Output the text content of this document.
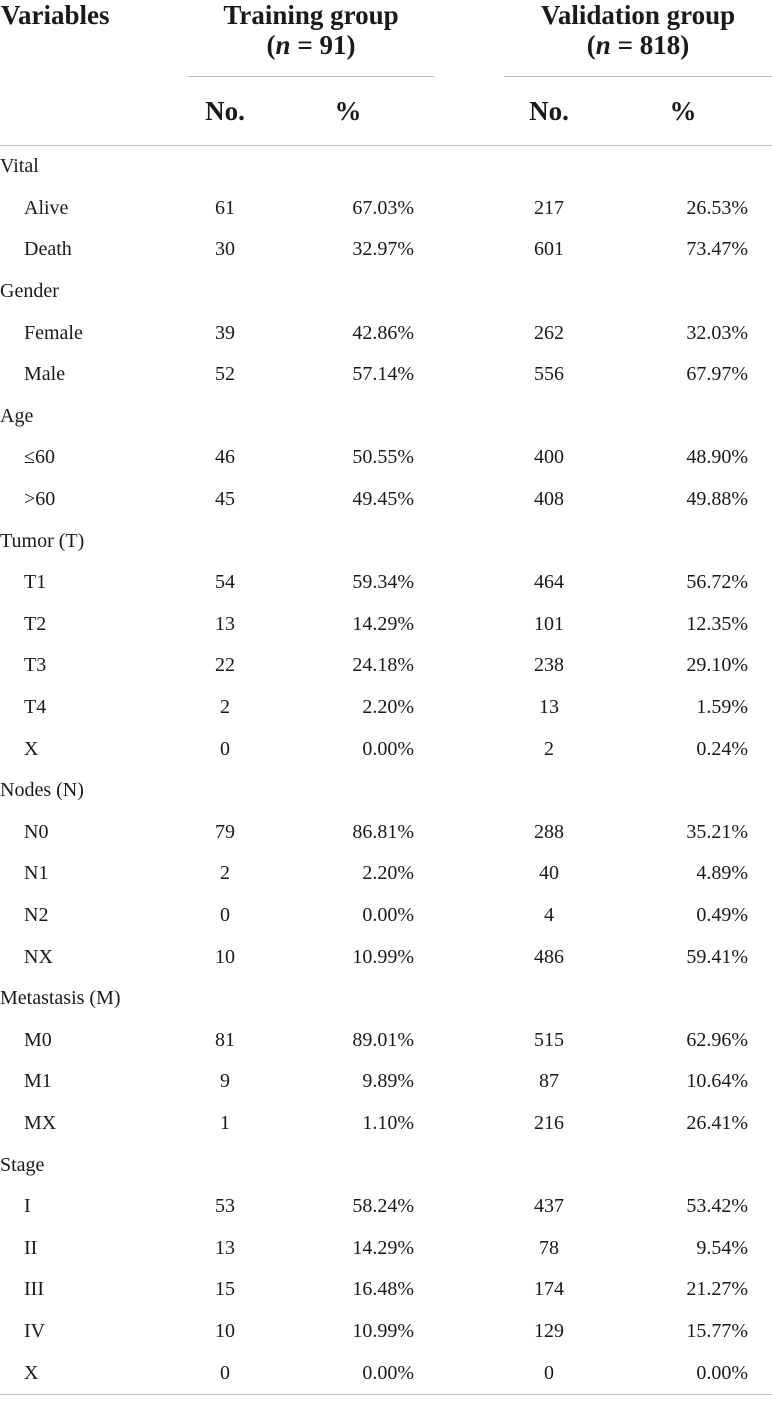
Variables	Training group
(n = 91)			Validation group
(n = 818)	

	No.	%		No.	%
Vital					
Alive	61	67.03%		217	26.53%
Death	30	32.97%		601	73.47%
Gender					
Female	39	42.86%		262	32.03%
Male	52	57.14%		556	67.97%
Age					
≤60	46	50.55%		400	48.90%
>60	45	49.45%		408	49.88%
Tumor (T)					
T1	54	59.34%		464	56.72%
T2	13	14.29%		101	12.35%
T3	22	24.18%		238	29.10%
T4	2	2.20%		13	1.59%
X	0	0.00%		2	0.24%
Nodes (N)					
N0	79	86.81%		288	35.21%
N1	2	2.20%		40	4.89%
N2	0	0.00%		4	0.49%
NX	10	10.99%		486	59.41%
Metastasis (M)					
M0	81	89.01%		515	62.96%
M1	9	9.89%		87	10.64%
MX	1	1.10%		216	26.41%
Stage					
I	53	58.24%		437	53.42%
II	13	14.29%		78	9.54%
III	15	16.48%		174	21.27%
IV	10	10.99%		129	15.77%
X	0	0.00%		0	0.00%
